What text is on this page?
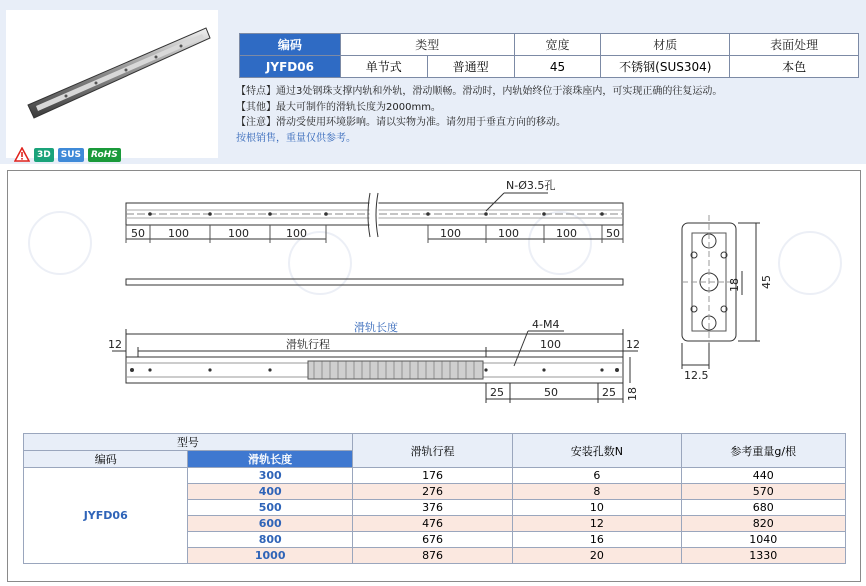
3D	SUS	RoHS
编码	类型		宽度	材质	表面处理
JYFD06	单节式	普通型	45	不锈钢(SUS304)	本色
【特点】通过3处钢珠支撑内轨和外轨，滑动顺畅。滑动时，内轨始终位于滚珠座内，可实现正确的往复运动。
【其他】最大可制作的滑轨长度为2000mm。
【注意】滑动受使用环境影响。请以实物为准。请勿用于垂直方向的移动。
按根销售，重量仅供参考。
N-Ø3.5孔
50 100	100	100	100	100	100	50
滑轨长度
滑轨行程
4-M4
12	12
100
25	50	25 18
18 45
12.5
型号		滑轨行程	安装孔数N	参考重量g/根
编码	滑轨长度			
JYFD06	300	176	6	440
	400	276	8	570
	500	376	10	680
	600	476	12	820
	800	676	16	1040
	1000	876	20	1330
